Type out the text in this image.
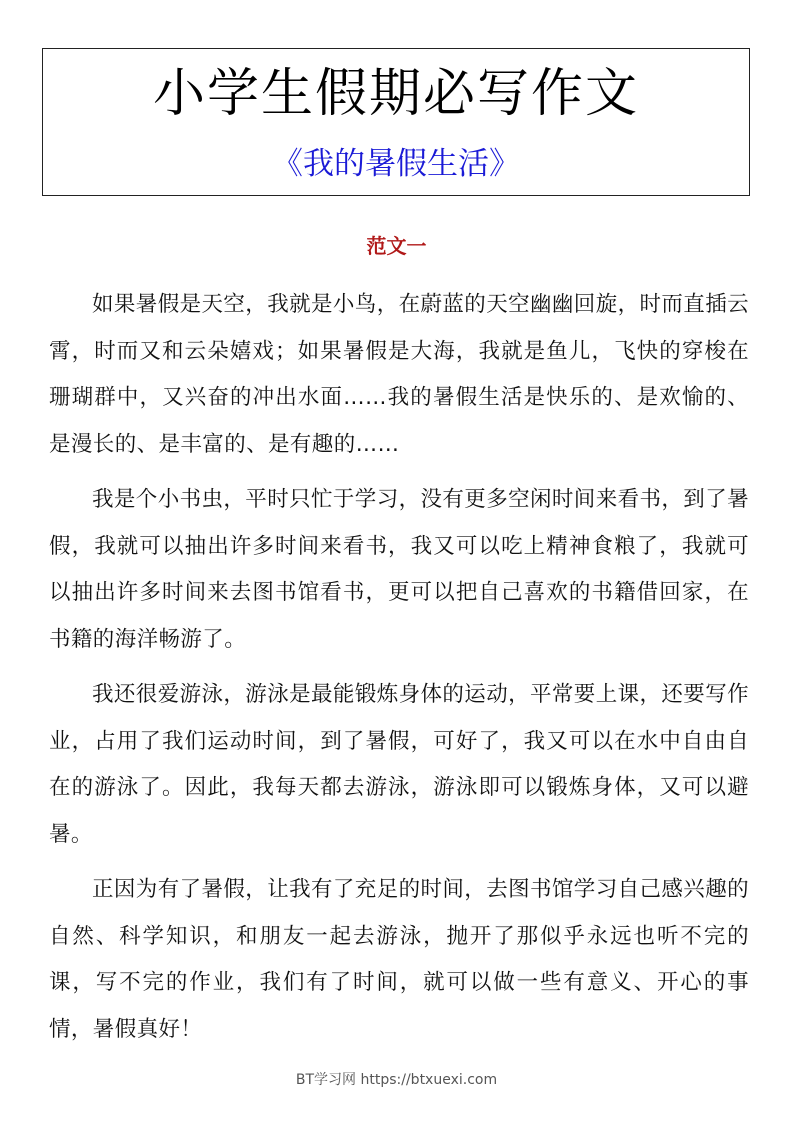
小学生假期必写作文
《我的暑假生活》
范文一

如果暑假是天空，我就是小鸟，在蔚蓝的天空幽幽回旋，时而直插云霄，时而又和云朵嬉戏；如果暑假是大海，我就是鱼儿，飞快的穿梭在珊瑚群中，又兴奋的冲出水面……我的暑假生活是快乐的、是欢愉的、是漫长的、是丰富的、是有趣的……

我是个小书虫，平时只忙于学习，没有更多空闲时间来看书，到了暑假，我就可以抽出许多时间来看书，我又可以吃上精神食粮了，我就可以抽出许多时间来去图书馆看书，更可以把自己喜欢的书籍借回家，在书籍的海洋畅游了。

我还很爱游泳，游泳是最能锻炼身体的运动，平常要上课，还要写作业，占用了我们运动时间，到了暑假，可好了，我又可以在水中自由自在的游泳了。因此，我每天都去游泳，游泳即可以锻炼身体，又可以避暑。

正因为有了暑假，让我有了充足的时间，去图书馆学习自己感兴趣的自然、科学知识，和朋友一起去游泳，抛开了那似乎永远也听不完的课，写不完的作业，我们有了时间，就可以做一些有意义、开心的事情，暑假真好！

BT学习网 https://btxuexi.com
